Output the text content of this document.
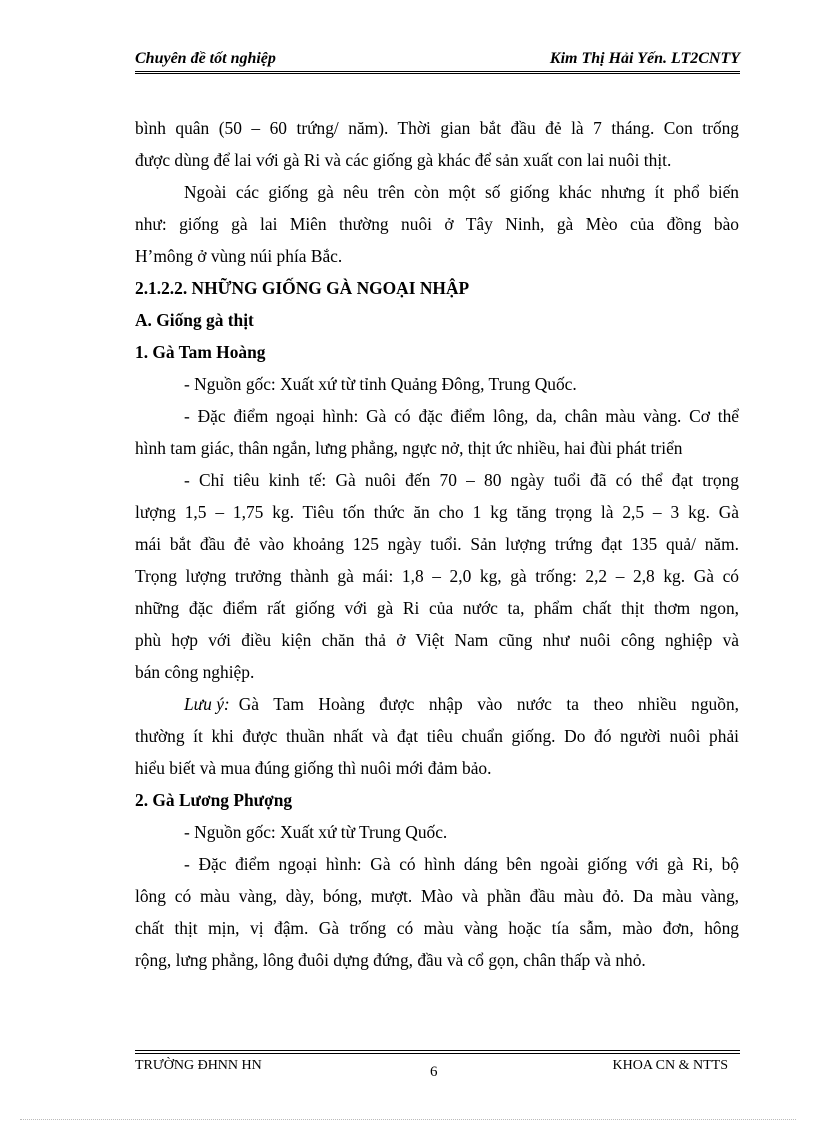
Chuyên đề tốt nghiệp	Kim Thị Hải Yến. LT2CNTY
bình quân (50 – 60 trứng/ năm). Thời gian bắt đầu đẻ là 7 tháng. Con trống
được dùng để lai với gà Ri và các giống gà khác để sản xuất con lai nuôi thịt.
Ngoài các giống gà nêu trên còn một số giống khác nhưng ít phổ biến
như: giống gà lai Miên thường nuôi ở Tây Ninh, gà Mèo của đồng bào
H’mông ở vùng núi phía Bắc.
2.1.2.2. NHỮNG GIỐNG GÀ NGOẠI NHẬP
A. Giống gà thịt
1. Gà Tam Hoàng
- Nguồn gốc: Xuất xứ từ tỉnh Quảng Đông, Trung Quốc.
- Đặc điểm ngoại hình: Gà có đặc điểm lông, da, chân màu vàng. Cơ thể
hình tam giác, thân ngắn, lưng phẳng, ngực nở, thịt ức nhiều, hai đùi phát triển
- Chỉ tiêu kinh tế: Gà nuôi đến 70 – 80 ngày tuổi đã có thể đạt trọng
lượng 1,5 – 1,75 kg. Tiêu tốn thức ăn cho 1 kg tăng trọng là 2,5 – 3 kg. Gà
mái bắt đầu đẻ vào khoảng 125 ngày tuổi. Sản lượng trứng đạt 135 quả/ năm.
Trọng lượng trưởng thành gà mái: 1,8 – 2,0 kg, gà trống: 2,2 – 2,8 kg. Gà có
những đặc điểm rất giống với gà Ri của nước ta, phẩm chất thịt thơm ngon,
phù hợp với điều kiện chăn thả ở Việt Nam cũng như nuôi công nghiệp và
bán công nghiệp.
Lưu ý: Gà Tam Hoàng được nhập vào nước ta theo nhiều nguồn,
thường ít khi được thuần nhất và đạt tiêu chuẩn giống. Do đó người nuôi phải
hiểu biết và mua đúng giống thì nuôi mới đảm bảo.
2. Gà Lương Phượng
- Nguồn gốc: Xuất xứ từ Trung Quốc.
- Đặc điểm ngoại hình: Gà có hình dáng bên ngoài giống với gà Ri, bộ
lông có màu vàng, dày, bóng, mượt. Mào và phần đầu màu đỏ. Da màu vàng,
chất thịt mịn, vị đậm. Gà trống có màu vàng hoặc tía sẫm, mào đơn, hông
rộng, lưng phẳng, lông đuôi dựng đứng, đầu và cổ gọn, chân thấp và nhỏ.
TRƯỜNG ĐHNN HN	6	KHOA CN & NTTS
